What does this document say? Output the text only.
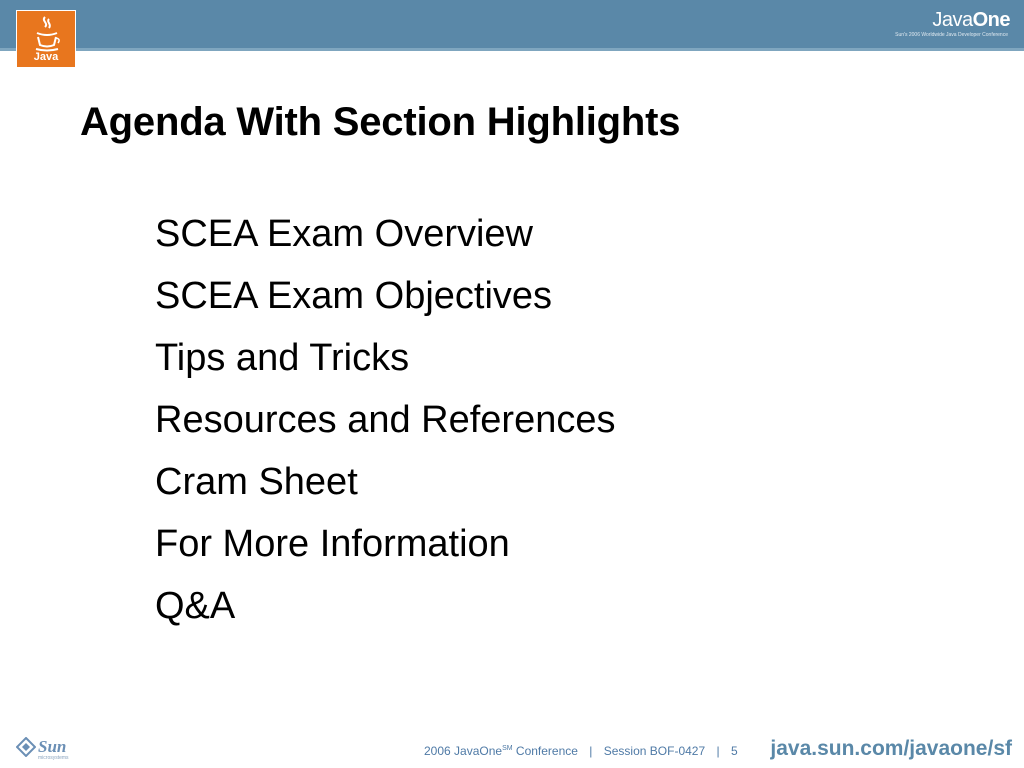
Java
JavaOne
Sun's 2006 Worldwide Java Developer Conference
Agenda With Section Highlights
SCEA Exam Overview
SCEA Exam Objectives
Tips and Tricks
Resources and References
Cram Sheet
For More Information
Q&A
Sun
microsystems	2006 JavaOne℠ Conference | Session BOF-0427 | 5 java.sun.com/javaone/sf
